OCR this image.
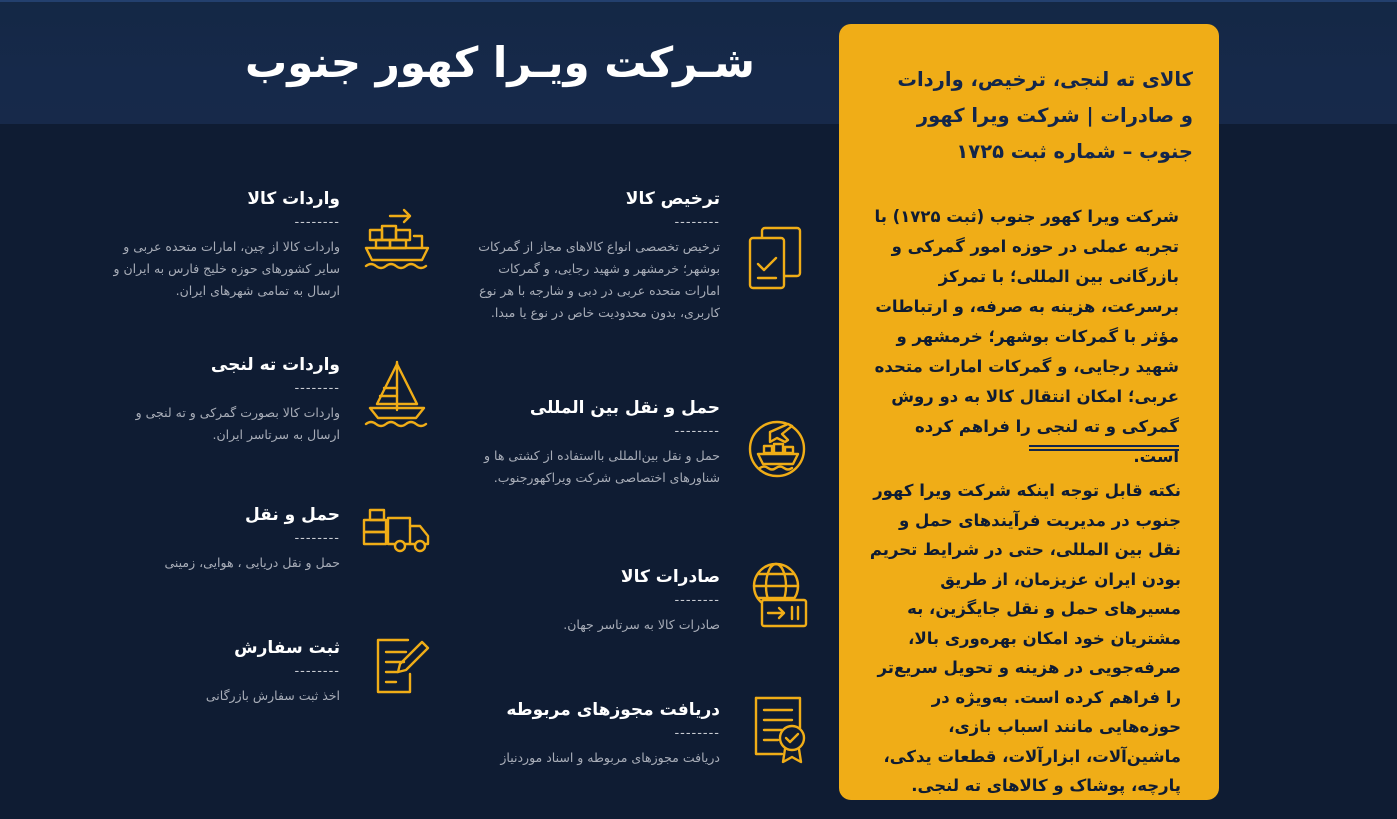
شـرکت ویـرا کهور جنوب	کالای ته لنجی، ترخیص، واردات و صادرات | شرکت ویرا کهور جنوب – شماره ثبت ۱۷۲۵
شرکت ویرا کهور جنوب (ثبت ۱۷۲۵) با تجربه عملی در حوزه امور گمرکی و بازرگانی بین المللی؛ با تمرکز برسرعت، هزینه به صرفه، و ارتباطات مؤثر با گمرکات بوشهر؛ خرمشهر و شهید رجایی، و گمرکات امارات متحده عربی؛ امکان انتقال کالا به دو روش گمرکی و ته لنجی را فراهم کرده است.
نکته قابل توجه اینکه شرکت ویرا کهور جنوب در مدیریت فرآیندهای حمل و نقل بین المللی، حتی در شرایط تحریم بودن ایران عزیزمان، از طریق مسیرهای حمل و نقل جایگزین، به مشتریان خود امکان بهره‌وری بالا، صرفه‌جویی در هزینه و تحویل سریع‌تر را فراهم کرده است. به‌ویژه در حوزه‌هایی مانند اسباب بازی، ماشین‌آلات، ابزارآلات، قطعات یدکی، پارچه، پوشاک و کالاهای ته لنجی.
ترخیص کالا
--------
ترخیص تخصصی انواع کالاهای مجاز از گمرکات بوشهر؛ خرمشهر و شهید رجایی، و گمرکات امارات متحده عربی در دبی و شارجه با هر نوع کاربری، بدون محدودیت خاص در نوع یا مبدا.
حمل و نقل بین المللی
--------
حمل و نقل بین‌المللی بااستفاده از کشتی ها و شناورهای اختصاصی شرکت ویراکهورجنوب.
صادرات کالا
--------
صادرات کالا به سرتاسر جهان.
دریافت مجوزهای مربوطه
--------
دریافت مجوزهای مربوطه و اسناد موردنیاز
واردات کالا
--------
واردات کالا از چین، امارات متحده عربی و سایر کشورهای حوزه خلیج فارس به ایران و ارسال به تمامی شهرهای ایران.
واردات ته لنجی
--------
واردات کالا بصورت گمرکی و ته لنجی و ارسال به سرتاسر ایران.
حمل و نقل
--------
حمل و نقل دریایی ، هوایی، زمینی
ثبت سفارش
--------
اخذ ثبت سفارش بازرگانی
